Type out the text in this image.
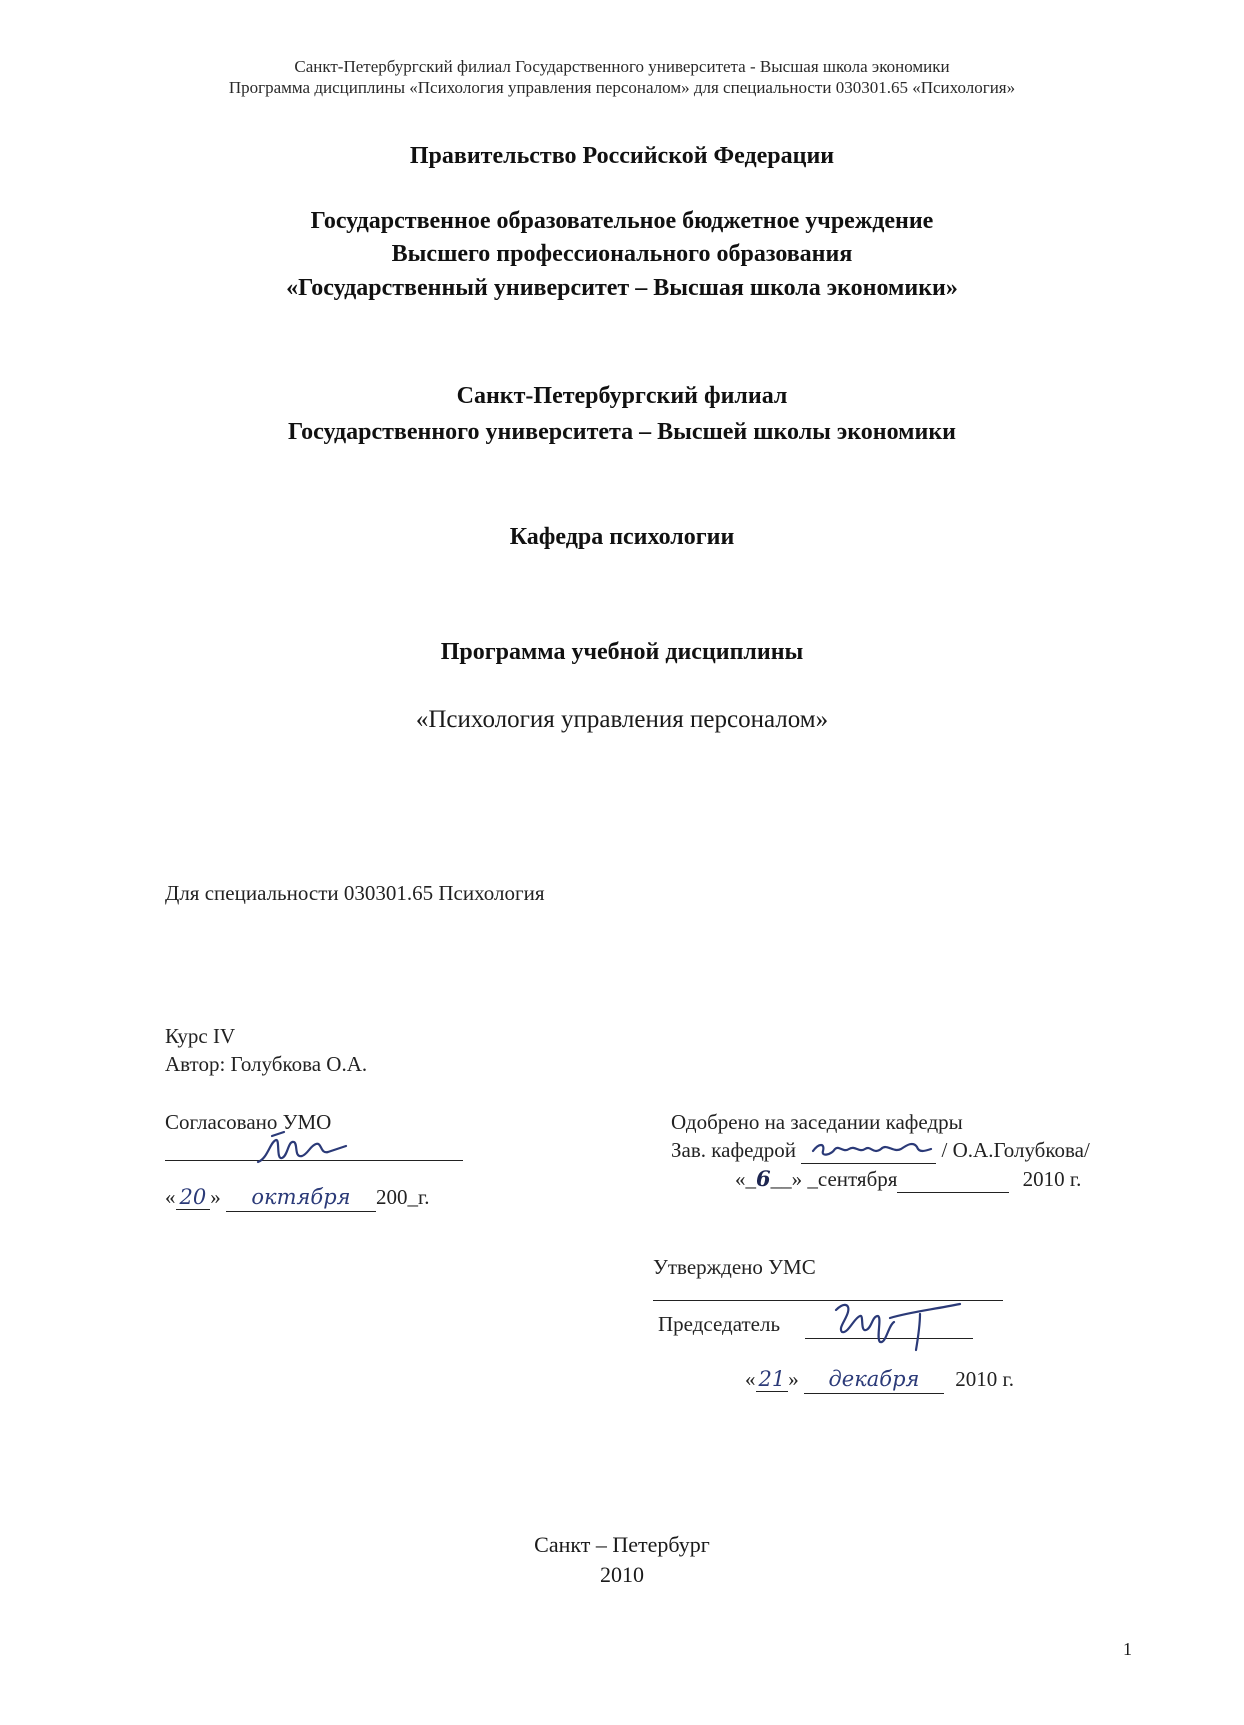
Санкт-Петербургский филиал Государственного университета - Высшая школа экономики
Программа дисциплины «Психология управления персоналом» для специальности 030301.65 «Психология»
Правительство Российской Федерации
Государственное образовательное бюджетное учреждение
Высшего профессионального образования
«Государственный университет – Высшая школа экономики»
Санкт-Петербургский филиал
Государственного университета – Высшей школы экономики
Кафедра психологии
Программа учебной дисциплины
«Психология управления персоналом»
Для специальности 030301.65 Психология
Курс IV
Автор: Голубкова О.А.
Согласовано УМО
« 20 » октября 200_г.
Одобрено на заседании кафедры
Зав. кафедрой	/ О.А.Голубкова/
«_6__» _сентября	2010 г.
Утверждено УМС
Председатель
« 21 » декабря 2010 г.
Санкт – Петербург
2010
1
